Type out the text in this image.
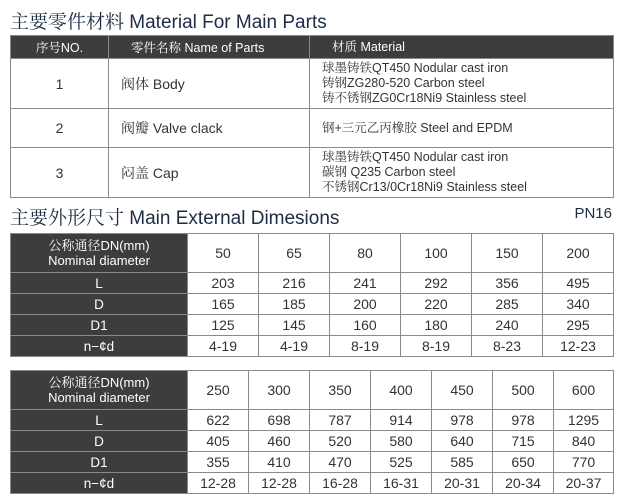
主要零件材料 Material For Main Parts
序号NO.	零件名称 Name of Parts	材质 Material
1	阀体 Body	球墨铸铁QT450 Nodular cast iron
铸钢ZG280-520 Carbon steel
铸不锈钢ZG0Cr18Ni9 Stainless steel

2	阀瓣 Valve clack	钢+三元乙丙橡胶 Steel and EPDM

3	闷盖 Cap	球墨铸铁QT450 Nodular cast iron
碳钢 Q235 Carbon steel
不锈钢Cr13/0Cr18Ni9 Stainless steel
主要外形尺寸 Main External Dimesions	PN16
公称通径DN(mm)
Nominal diameter	50	65	80	100	150	200
L	203	216	241	292	356	495
D	165	185	200	220	285	340
D1	125	145	160	180	240	295
n−¢d	4-19	4-19	8-19	8-19	8-23	12-23
公称通径DN(mm)
Nominal diameter	250	300	350	400	450	500	600
L	622	698	787	914	978	978	1295
D	405	460	520	580	640	715	840
D1	355	410	470	525	585	650	770
n−¢d	12-28	12-28	16-28	16-31	20-31	20-34	20-37
